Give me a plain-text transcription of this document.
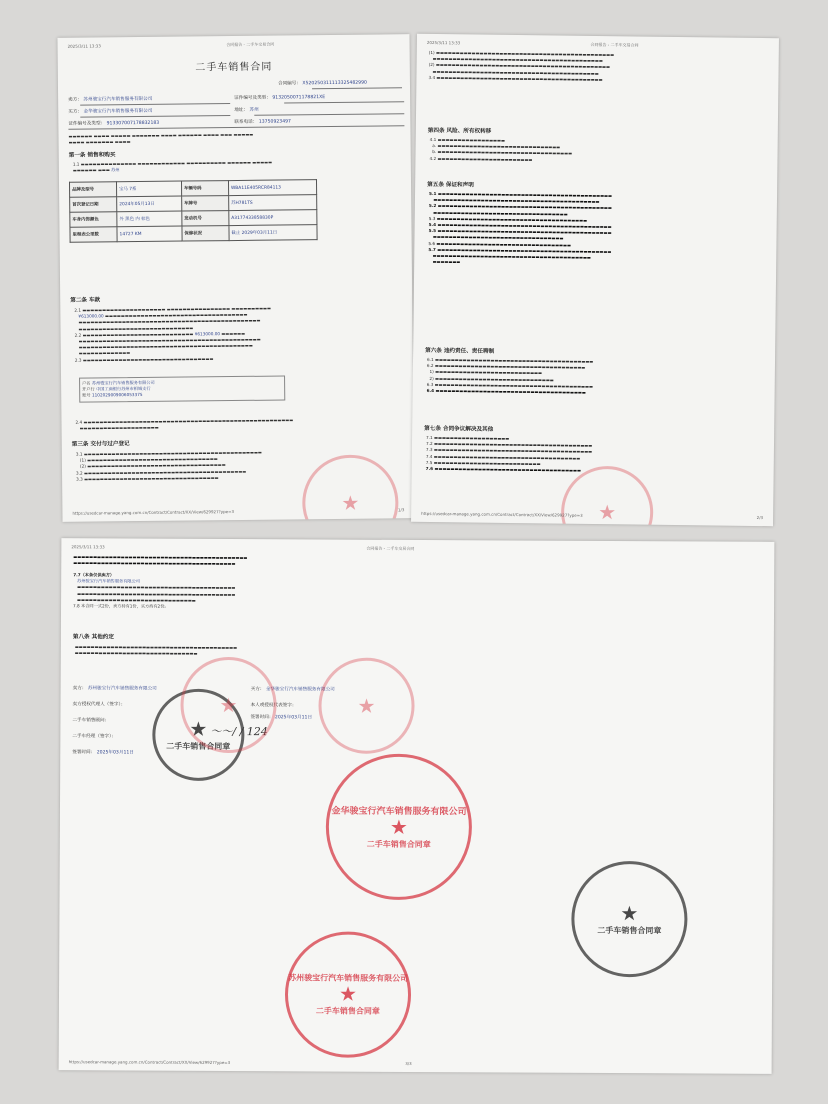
2025/3/11 13:33	合同报告 - 二手车交易合同
二手车销售合同
合同编号： X520250311113325482990
卖方： 苏州骏宝行汽车销售服务有限公司	证件编号及类型： 9132050071178821XE
买方： 金华骏宝行汽车销售服务有限公司	地址： 苏州
证件编号及类型： 913307007178832183	联系电话： 13750923497
▬▬▬▬▬▬ ▬▬▬▬ ▬▬▬▬▬ ▬▬▬▬▬▬▬ ▬▬▬▬ ▬▬▬▬▬▬ ▬▬▬▬ ▬▬▬ ▬▬▬▬▬
▬▬▬▬ ▬▬▬▬▬▬▬ ▬▬▬▬
第一条 销售和购买
1.1 ▬▬▬▬▬▬▬▬▬▬▬▬▬▬ ▬▬▬▬▬▬▬▬▬▬▬▬ ▬▬▬▬▬▬▬▬▬▬ ▬▬▬▬▬▬ ▬▬▬▬▬
▬▬▬▬▬▬ ▬▬▬ 苏州
品牌及型号	宝马 7系	车辆号码	WBA11E405RCR84113
首次登记日期	2024年05月13日	车牌号	苏H781TS
车身内饰颜色	外 黑色 内 棕色	发动机号	A3177433858830P
里程表公里数	14727 KM	保修状况	截止 2029年03月11日
第二条 车款
2.1 ▬▬▬▬▬▬▬▬▬▬▬▬▬▬▬▬▬▬▬▬▬ ▬▬▬▬▬▬▬▬▬▬▬▬▬▬▬▬ ▬▬▬▬▬▬▬▬▬▬
¥613000.00 ▬▬▬▬▬▬▬▬▬▬▬▬▬▬▬▬▬▬▬▬▬▬▬▬▬▬▬▬▬▬▬▬▬▬▬▬
▬▬▬▬▬▬▬▬▬▬▬▬▬▬▬▬▬▬▬▬▬▬▬▬▬▬▬▬▬▬▬▬▬▬▬▬▬▬▬▬▬▬▬▬▬▬
▬▬▬▬▬▬▬▬▬▬▬▬▬▬▬▬▬▬▬▬▬▬▬▬▬▬▬▬▬
2.2 ▬▬▬▬▬▬▬▬▬▬▬▬▬▬▬▬▬▬▬▬▬▬▬▬▬▬▬▬ ¥613000.00 ▬▬▬▬▬▬
▬▬▬▬▬▬▬▬▬▬▬▬▬▬▬▬▬▬▬▬▬▬▬▬▬▬▬▬▬▬▬▬▬▬▬▬▬▬▬▬▬▬▬▬▬▬
▬▬▬▬▬▬▬▬▬▬▬▬▬▬▬▬▬▬▬▬▬▬▬▬▬▬▬▬▬▬▬▬▬▬▬▬▬▬▬▬▬▬▬▬
▬▬▬▬▬▬▬▬▬▬▬▬▬
2.3 ▬▬▬▬▬▬▬▬▬▬▬▬▬▬▬▬▬▬▬▬▬▬▬▬▬▬▬▬▬▬▬▬▬
户名 苏州骏宝行汽车销售服务有限公司
开户行 中国工商银行苏州市相城支行
账号 1102029009006053375
2.4 ▬▬▬▬▬▬▬▬▬▬▬▬▬▬▬▬▬▬▬▬▬▬▬▬▬▬▬▬▬▬▬▬▬▬▬▬▬▬▬▬▬▬▬▬▬▬▬▬▬▬▬▬▬
▬▬▬▬▬▬▬▬▬▬▬▬▬▬▬▬▬▬▬▬
第三条 交付与过户登记
3.1 ▬▬▬▬▬▬▬▬▬▬▬▬▬▬▬▬▬▬▬▬▬▬▬▬▬▬▬▬▬▬▬▬▬▬▬▬▬▬▬▬▬▬▬▬▬
(1) ▬▬▬▬▬▬▬▬▬▬▬▬▬▬▬▬▬▬▬▬▬▬▬▬▬▬▬▬▬▬▬▬▬
(2) ▬▬▬▬▬▬▬▬▬▬▬▬▬▬▬▬▬▬▬▬▬▬▬▬▬▬▬▬▬▬▬▬▬▬▬
3.2 ▬▬▬▬▬▬▬▬▬▬▬▬▬▬▬▬▬▬▬▬▬▬▬▬▬▬▬▬▬▬▬▬▬▬▬▬▬▬▬▬▬
3.3 ▬▬▬▬▬▬▬▬▬▬▬▬▬▬▬▬▬▬▬▬▬▬▬▬▬▬▬▬▬▬▬▬▬▬
★
https://usedcar-manage.yang.com.cn/Contract/Contract/XX/View/629927?ype=3	1/3
2025/3/11 13:33	合同报告 - 二手车交易合同
(1) ▬▬▬▬▬▬▬▬▬▬▬▬▬▬▬▬▬▬▬▬▬▬▬▬▬▬▬▬▬▬▬▬▬▬▬▬▬▬▬▬▬▬▬▬▬
▬▬▬▬▬▬▬▬▬▬▬▬▬▬▬▬▬▬▬▬▬▬▬▬▬▬▬▬▬▬▬▬▬▬▬▬▬▬▬▬▬▬▬
(2) ▬▬▬▬▬▬▬▬▬▬▬▬▬▬▬▬▬▬▬▬▬▬▬▬▬▬▬▬▬▬▬▬▬▬▬▬▬▬▬▬▬▬▬▬
▬▬▬▬▬▬▬▬▬▬▬▬▬▬▬▬▬▬▬▬▬▬▬▬▬▬▬▬▬▬▬▬▬▬▬▬▬▬▬▬▬▬
3.4 ▬▬▬▬▬▬▬▬▬▬▬▬▬▬▬▬▬▬▬▬▬▬▬▬▬▬▬▬▬▬▬▬▬▬▬▬▬▬▬▬▬▬
第四条 风险、所有权转移
4.1 ▬▬▬▬▬▬▬▬▬▬▬▬▬▬▬▬▬
a. ▬▬▬▬▬▬▬▬▬▬▬▬▬▬▬▬▬▬▬▬▬▬▬▬▬▬▬▬▬▬▬
b. ▬▬▬▬▬▬▬▬▬▬▬▬▬▬▬▬▬▬▬▬▬▬▬▬▬▬▬▬▬▬▬▬▬▬
4.2 ▬▬▬▬▬▬▬▬▬▬▬▬▬▬▬▬▬▬▬▬▬▬▬▬
第五条 保证和声明
5.1 ▬▬▬▬▬▬▬▬▬▬▬▬▬▬▬▬▬▬▬▬▬▬▬▬▬▬▬▬▬▬▬▬▬▬▬▬▬▬▬▬▬▬▬▬
▬▬▬▬▬▬▬▬▬▬▬▬▬▬▬▬▬▬▬▬▬▬▬▬▬▬▬▬▬▬▬▬▬▬▬▬▬▬▬▬▬▬
5.2 ▬▬▬▬▬▬▬▬▬▬▬▬▬▬▬▬▬▬▬▬▬▬▬▬▬▬▬▬▬▬▬▬▬▬▬▬▬▬▬▬▬▬▬▬
▬▬▬▬▬▬▬▬▬▬▬▬▬▬▬▬▬▬▬▬▬▬▬▬▬▬▬▬▬▬▬▬▬▬
5.3 ▬▬▬▬▬▬▬▬▬▬▬▬▬▬▬▬▬▬▬▬▬▬▬▬▬▬▬▬▬▬▬▬▬▬▬▬▬▬
5.4 ▬▬▬▬▬▬▬▬▬▬▬▬▬▬▬▬▬▬▬▬▬▬▬▬▬▬▬▬▬▬▬▬▬▬▬▬▬▬▬▬▬▬▬▬
5.5 ▬▬▬▬▬▬▬▬▬▬▬▬▬▬▬▬▬▬▬▬▬▬▬▬▬▬▬▬▬▬▬▬▬▬▬▬▬▬▬▬▬▬▬▬
▬▬▬▬▬▬▬▬▬▬▬▬▬▬▬▬▬▬▬▬▬▬▬▬▬▬▬▬▬▬▬▬▬
5.6 ▬▬▬▬▬▬▬▬▬▬▬▬▬▬▬▬▬▬▬▬▬▬▬▬▬▬▬▬▬▬▬▬▬▬
5.7 ▬▬▬▬▬▬▬▬▬▬▬▬▬▬▬▬▬▬▬▬▬▬▬▬▬▬▬▬▬▬▬▬▬▬▬▬▬▬▬▬▬▬▬▬
▬▬▬▬▬▬▬▬▬▬▬▬▬▬▬▬▬▬▬▬▬▬▬▬▬▬▬▬▬▬▬▬▬▬▬▬▬▬▬▬
▬▬▬▬▬▬▬
第六条 违约责任、责任聘制
6.1 ▬▬▬▬▬▬▬▬▬▬▬▬▬▬▬▬▬▬▬▬▬▬▬▬▬▬▬▬▬▬▬▬▬▬▬▬▬▬▬▬
6.2 ▬▬▬▬▬▬▬▬▬▬▬▬▬▬▬▬▬▬▬▬▬▬▬▬▬▬▬▬▬▬▬▬▬▬▬▬▬▬
1) ▬▬▬▬▬▬▬▬▬▬▬▬▬▬▬▬▬▬▬▬▬▬▬▬▬▬▬
2) ▬▬▬▬▬▬▬▬▬▬▬▬▬▬▬▬▬▬▬▬▬▬▬▬▬▬▬▬▬▬
6.3 ▬▬▬▬▬▬▬▬▬▬▬▬▬▬▬▬▬▬▬▬▬▬▬▬▬▬▬▬▬▬▬▬▬▬▬▬▬▬▬▬
6.4 ▬▬▬▬▬▬▬▬▬▬▬▬▬▬▬▬▬▬▬▬▬▬▬▬▬▬▬▬▬▬▬▬▬▬▬▬▬▬
第七条 合同争议解决及其他
7.1 ▬▬▬▬▬▬▬▬▬▬▬▬▬▬▬▬▬▬▬
7.2 ▬▬▬▬▬▬▬▬▬▬▬▬▬▬▬▬▬▬▬▬▬▬▬▬▬▬▬▬▬▬▬▬▬▬▬▬▬▬▬▬
7.3 ▬▬▬▬▬▬▬▬▬▬▬▬▬▬▬▬▬▬▬▬▬▬▬▬▬▬▬▬▬▬▬▬▬▬▬▬▬▬▬▬
7.4 ▬▬▬▬▬▬▬▬▬▬▬▬▬▬▬▬▬▬▬▬▬▬▬▬▬▬▬▬▬▬▬▬▬▬▬▬▬
7.5 ▬▬▬▬▬▬▬▬▬▬▬▬▬▬▬▬▬▬▬▬▬▬▬▬▬▬▬
7.6 ▬▬▬▬▬▬▬▬▬▬▬▬▬▬▬▬▬▬▬▬▬▬▬▬▬▬▬▬▬▬▬▬▬▬▬▬▬
★
https://usedcar-manage.yang.com.cn/Contract/Contract/XX/View/629927?ype=3	2/3
2025/3/11 13:33	合同报告 - 二手车交易合同
▬▬▬▬▬▬▬▬▬▬▬▬▬▬▬▬▬▬▬▬▬▬▬▬▬▬▬▬▬▬▬▬▬▬▬▬▬▬▬▬▬▬▬▬
▬▬▬▬▬▬▬▬▬▬▬▬▬▬▬▬▬▬▬▬▬▬▬▬▬▬▬▬▬▬▬▬▬▬▬▬▬▬▬▬▬
7.7（本条仅供卖方）
苏州骏宝行汽车销售服务有限公司
▬▬▬▬▬▬▬▬▬▬▬▬▬▬▬▬▬▬▬▬▬▬▬▬▬▬▬▬▬▬▬▬▬▬▬▬▬▬▬▬
▬▬▬▬▬▬▬▬▬▬▬▬▬▬▬▬▬▬▬▬▬▬▬▬▬▬▬▬▬▬▬▬▬▬▬▬▬▬▬▬
▬▬▬▬▬▬▬▬▬▬▬▬▬▬▬▬▬▬▬▬▬▬▬▬▬▬▬▬▬▬
7.8 本合同一式2份，卖方持有1份，买方持有2份。
第八条 其他约定
▬▬▬▬▬▬▬▬▬▬▬▬▬▬▬▬▬▬▬▬▬▬▬▬▬▬▬▬▬▬▬▬▬▬▬▬▬▬▬▬▬
▬▬▬▬▬▬▬▬▬▬▬▬▬▬▬▬▬▬▬▬▬▬▬▬▬▬▬▬▬▬▬
卖方： 苏州骏宝行汽车销售服务有限公司	买方： 金华骏宝行汽车销售服务有限公司
卖方授权代理人（签字）：	本人或授权代表签字：
二手车销售顾问：
签署时间： 2025年03月11日
二手车经理（签字）：
签署时间： 2025年03月11日
～～∕ ∕ 124
★
二手车销售合同章
★	★
金华骏宝行汽车销售服务有限公司
★
二手车销售合同章
苏州骏宝行汽车销售服务有限公司
★
二手车销售合同章
★
二手车销售合同章
https://usedcar-manage.yang.com.cn/Contract/Contract/XX/View/629927?ype=3	3/3
